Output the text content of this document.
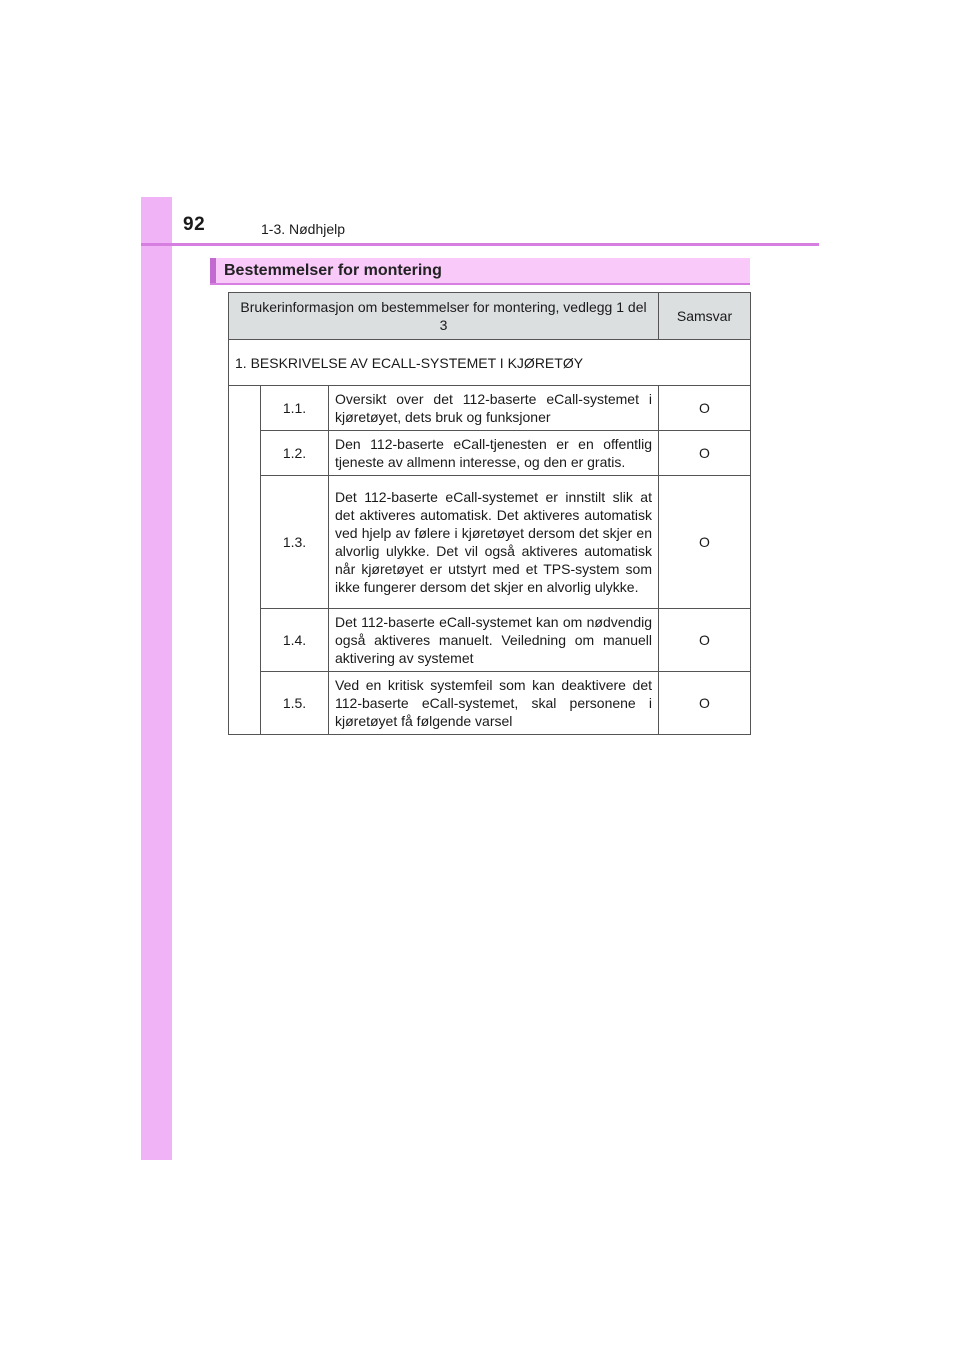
92	1-3. Nødhjelp
Bestemmelser for montering
Brukerinformasjon om bestemmelser for montering, vedlegg 1 del 3			Samsvar
1. BESKRIVELSE AV ECALL-SYSTEMET I KJØRETØY			
	1.1.	Oversikt over det 112-baserte eCall-systemet i kjøretøyet, dets bruk og funksjoner	O
	1.2.	Den 112-baserte eCall-tjenesten er en offentlig tjeneste av allmenn interesse, og den er gratis.	O
	1.3.	Det 112-baserte eCall-systemet er innstilt slik at det aktiveres automatisk. Det aktiveres automatisk ved hjelp av følere i kjøretøyet dersom det skjer en alvorlig ulykke. Det vil også aktiveres automatisk når kjøretøyet er utstyrt med et TPS-system som ikke fungerer dersom det skjer en alvorlig ulykke.	O
	1.4.	Det 112-baserte eCall-systemet kan om nødvendig også aktiveres manuelt. Veiledning om manuell aktivering av systemet	O
	1.5.	Ved en kritisk systemfeil som kan deaktivere det 112-baserte eCall-systemet, skal personene i kjøretøyet få følgende varsel	O
